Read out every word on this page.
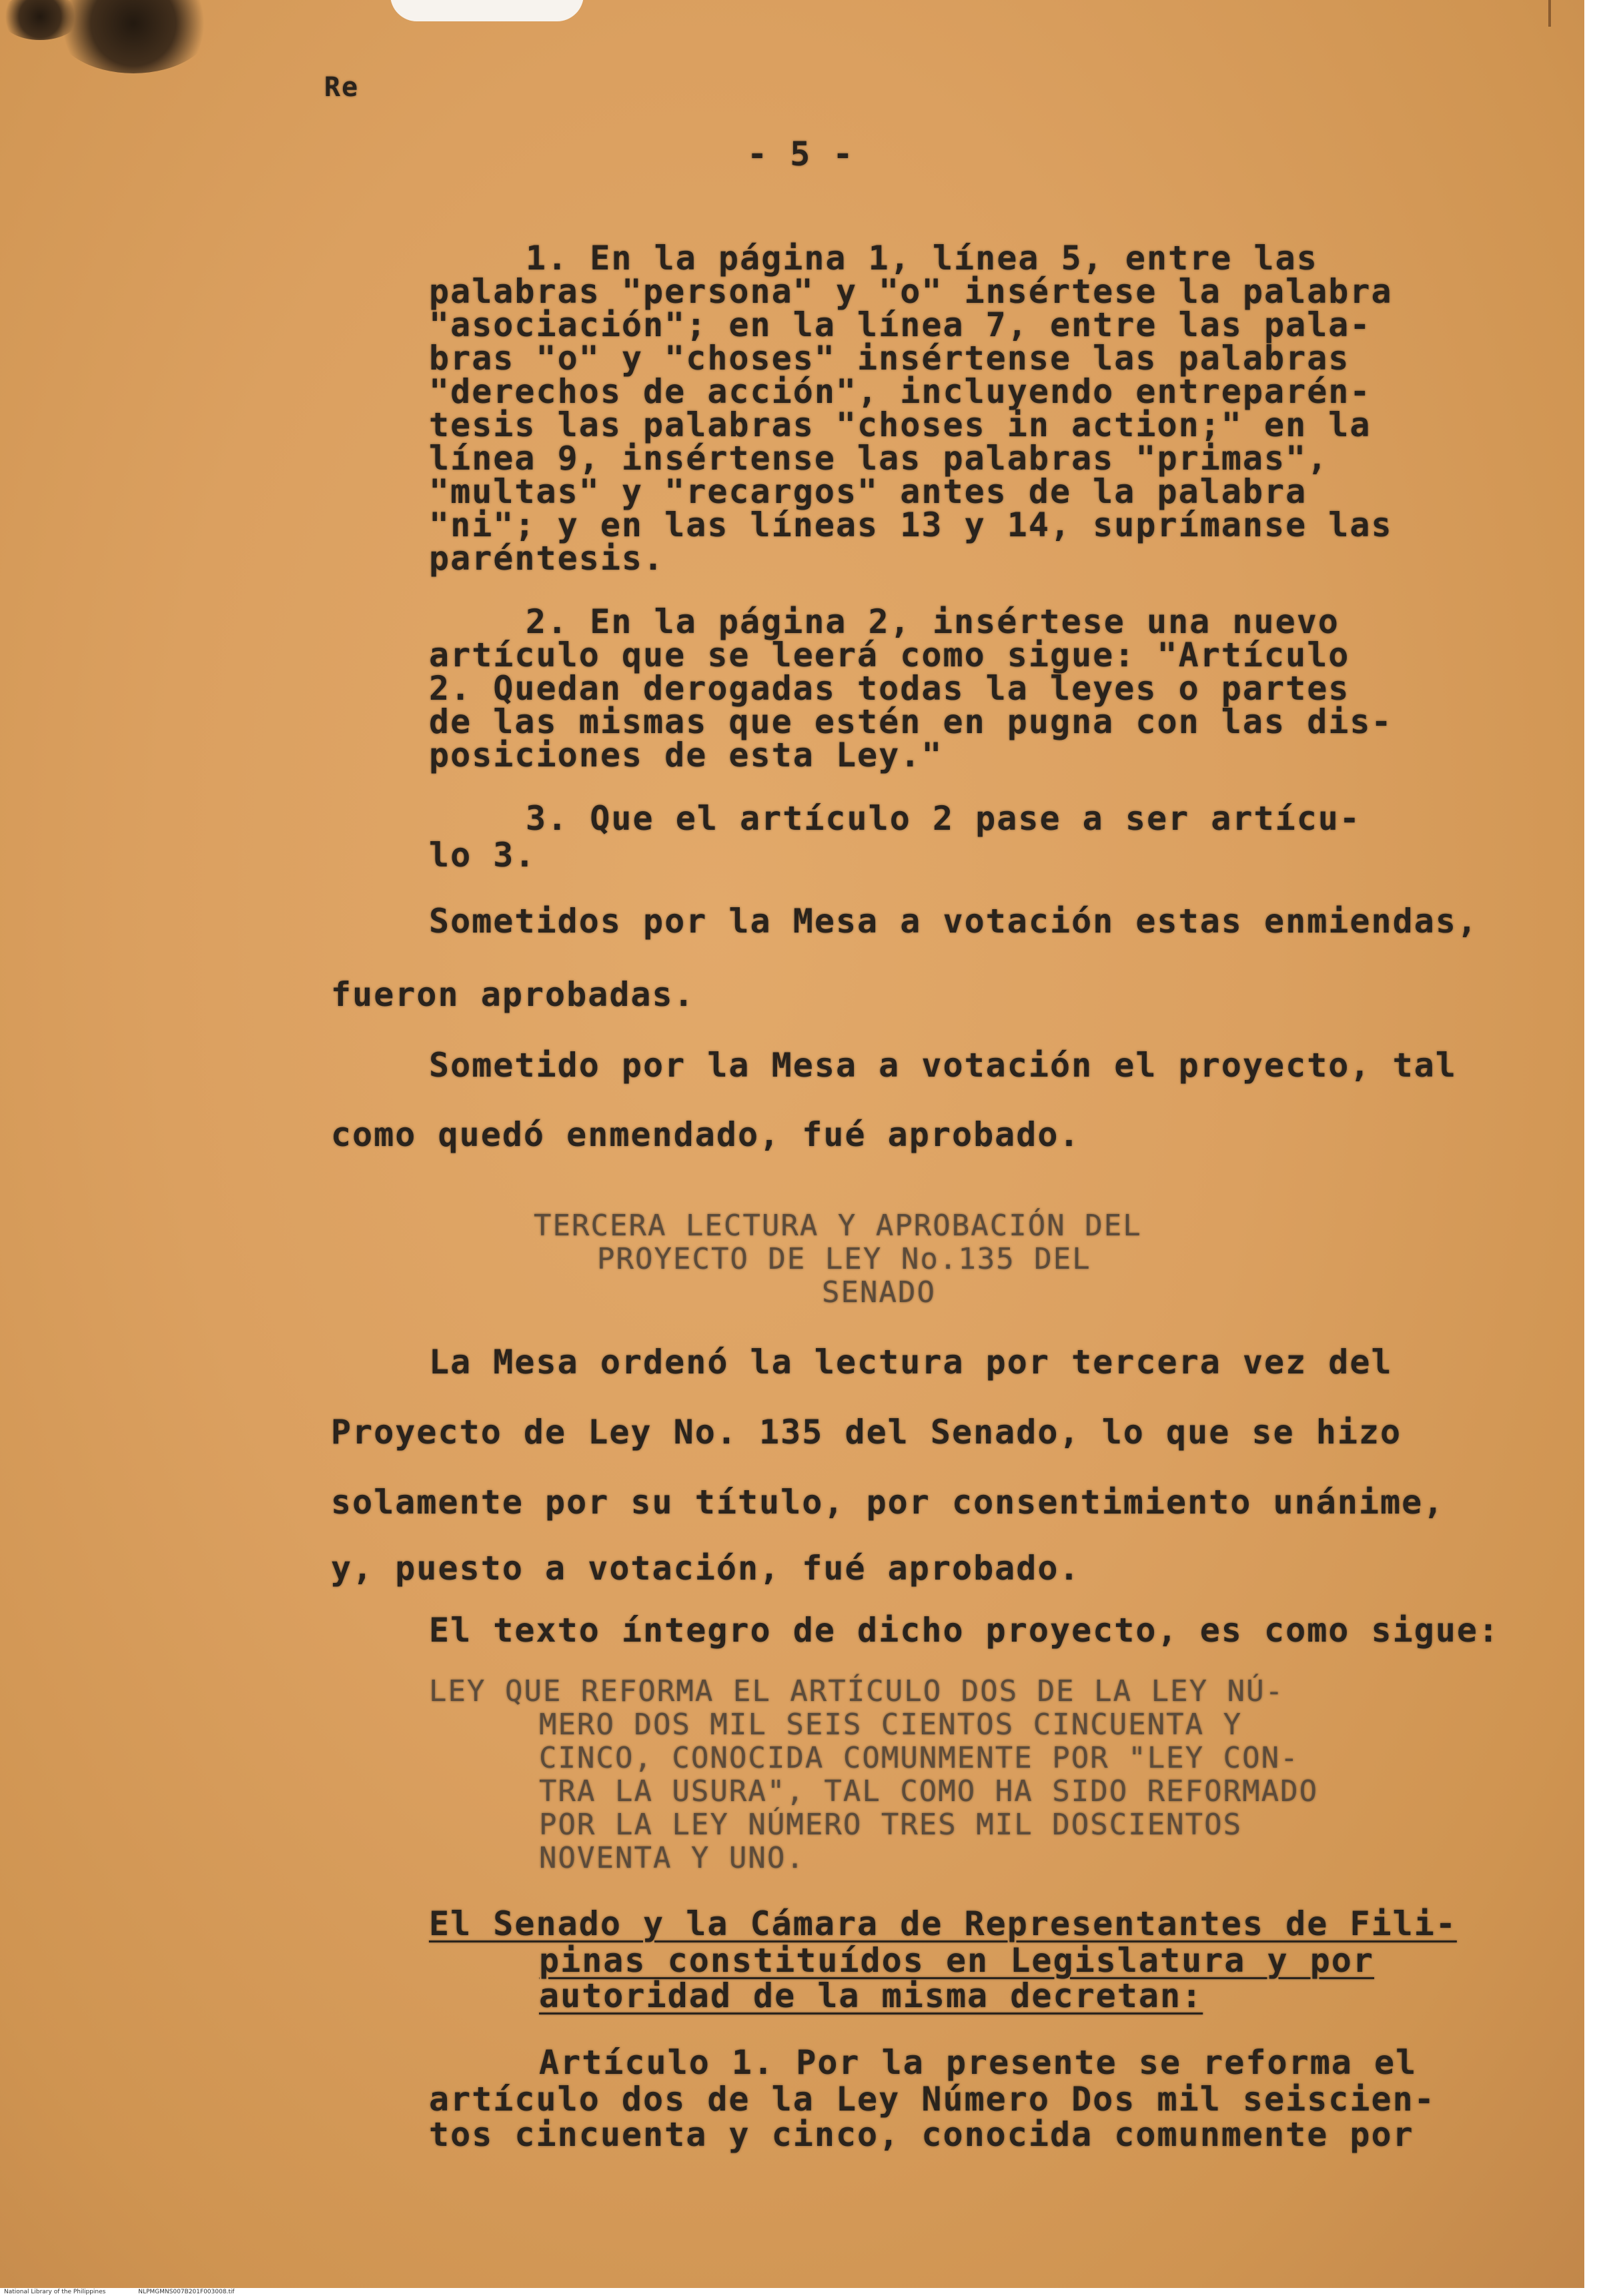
Re
- 5 -
1. En la página 1, línea 5, entre las
palabras "persona" y "o" insértese la palabra
"asociación"; en la línea 7, entre las pala-
bras "o" y "choses" insértense las palabras
"derechos de acción", incluyendo entreparén-
tesis las palabras "choses in action;" en la
línea 9, insértense las palabras "primas",
"multas" y "recargos" antes de la palabra
"ni"; y en las líneas 13 y 14, suprímanse las
paréntesis.
2. En la página 2, insértese una nuevo
artículo que se leerá como sigue: "Artículo
2. Quedan derogadas todas la leyes o partes
de las mismas que estén en pugna con las dis-
posiciones de esta Ley."
3. Que el artículo 2 pase a ser artícu-
lo 3.
Sometidos por la Mesa a votación estas enmiendas,
fueron aprobadas.
Sometido por la Mesa a votación el proyecto, tal
como quedó enmendado, fué aprobado.
TERCERA LECTURA Y APROBACIÓN DEL
PROYECTO DE LEY No.135 DEL
SENADO
La Mesa ordenó la lectura por tercera vez del
Proyecto de Ley No. 135 del Senado, lo que se hizo
solamente por su título, por consentimiento unánime,
y, puesto a votación, fué aprobado.
El texto íntegro de dicho proyecto, es como sigue:
LEY QUE REFORMA EL ARTÍCULO DOS DE LA LEY NÚ-
MERO DOS MIL SEIS CIENTOS CINCUENTA Y
CINCO, CONOCIDA COMUNMENTE POR "LEY CON-
TRA LA USURA", TAL COMO HA SIDO REFORMADO
POR LA LEY NÚMERO TRES MIL DOSCIENTOS
NOVENTA Y UNO.
El Senado y la Cámara de Representantes de Fili-
pinas constituídos en Legislatura y por
autoridad de la misma decretan:
Artículo 1. Por la presente se reforma el
artículo dos de la Ley Número Dos mil seiscien-
tos cincuenta y cinco, conocida comunmente por
National Library of the Philippines	NLPMGMNS007B201F003008.tif
